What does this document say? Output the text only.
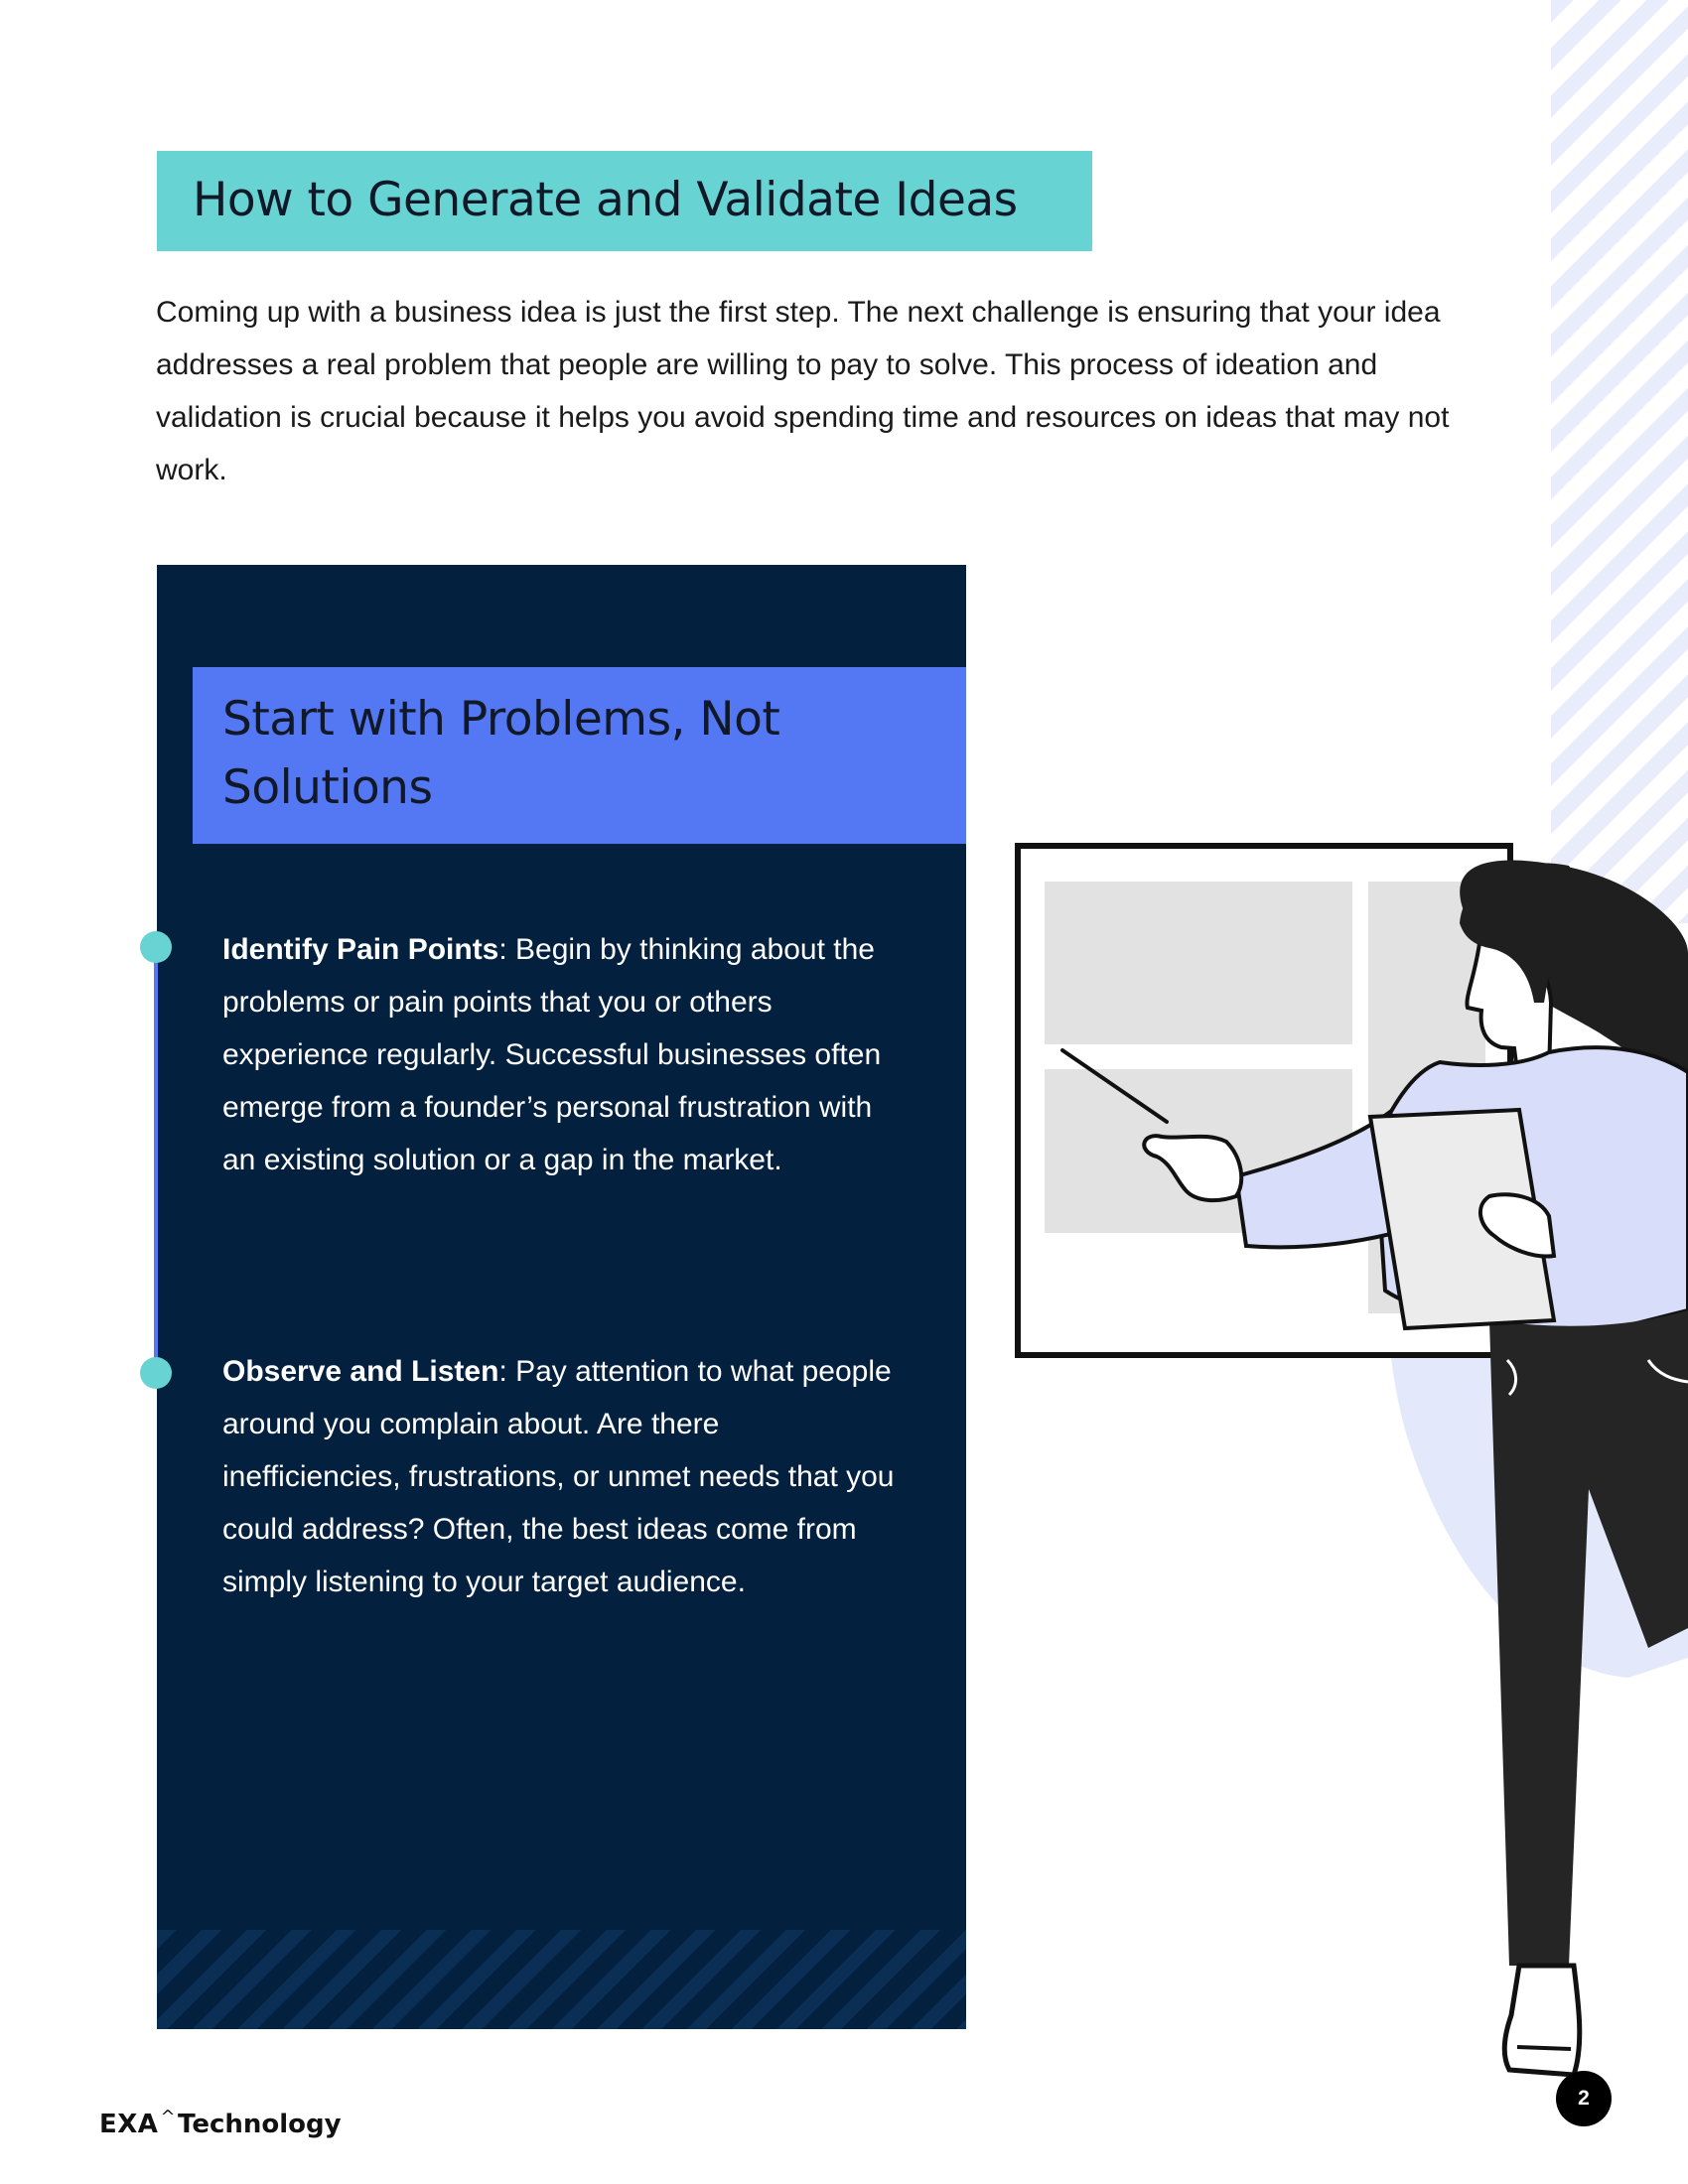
How to Generate and Validate Ideas

Coming up with a business idea is just the first step. The next challenge is ensuring that your idea addresses a real problem that people are willing to pay to solve. This process of ideation and validation is crucial because it helps you avoid spending time and resources on ideas that may not work.

Start with Problems, Not Solutions

Identify Pain Points: Begin by thinking about the problems or pain points that you or others experience regularly. Successful businesses often emerge from a founder’s personal frustration with an existing solution or a gap in the market.

Observe and Listen: Pay attention to what people around you complain about. Are there inefficiencies, frustrations, or unmet needs that you could address? Often, the best ideas come from simply listening to your target audience.

EXA ^Technology
2
